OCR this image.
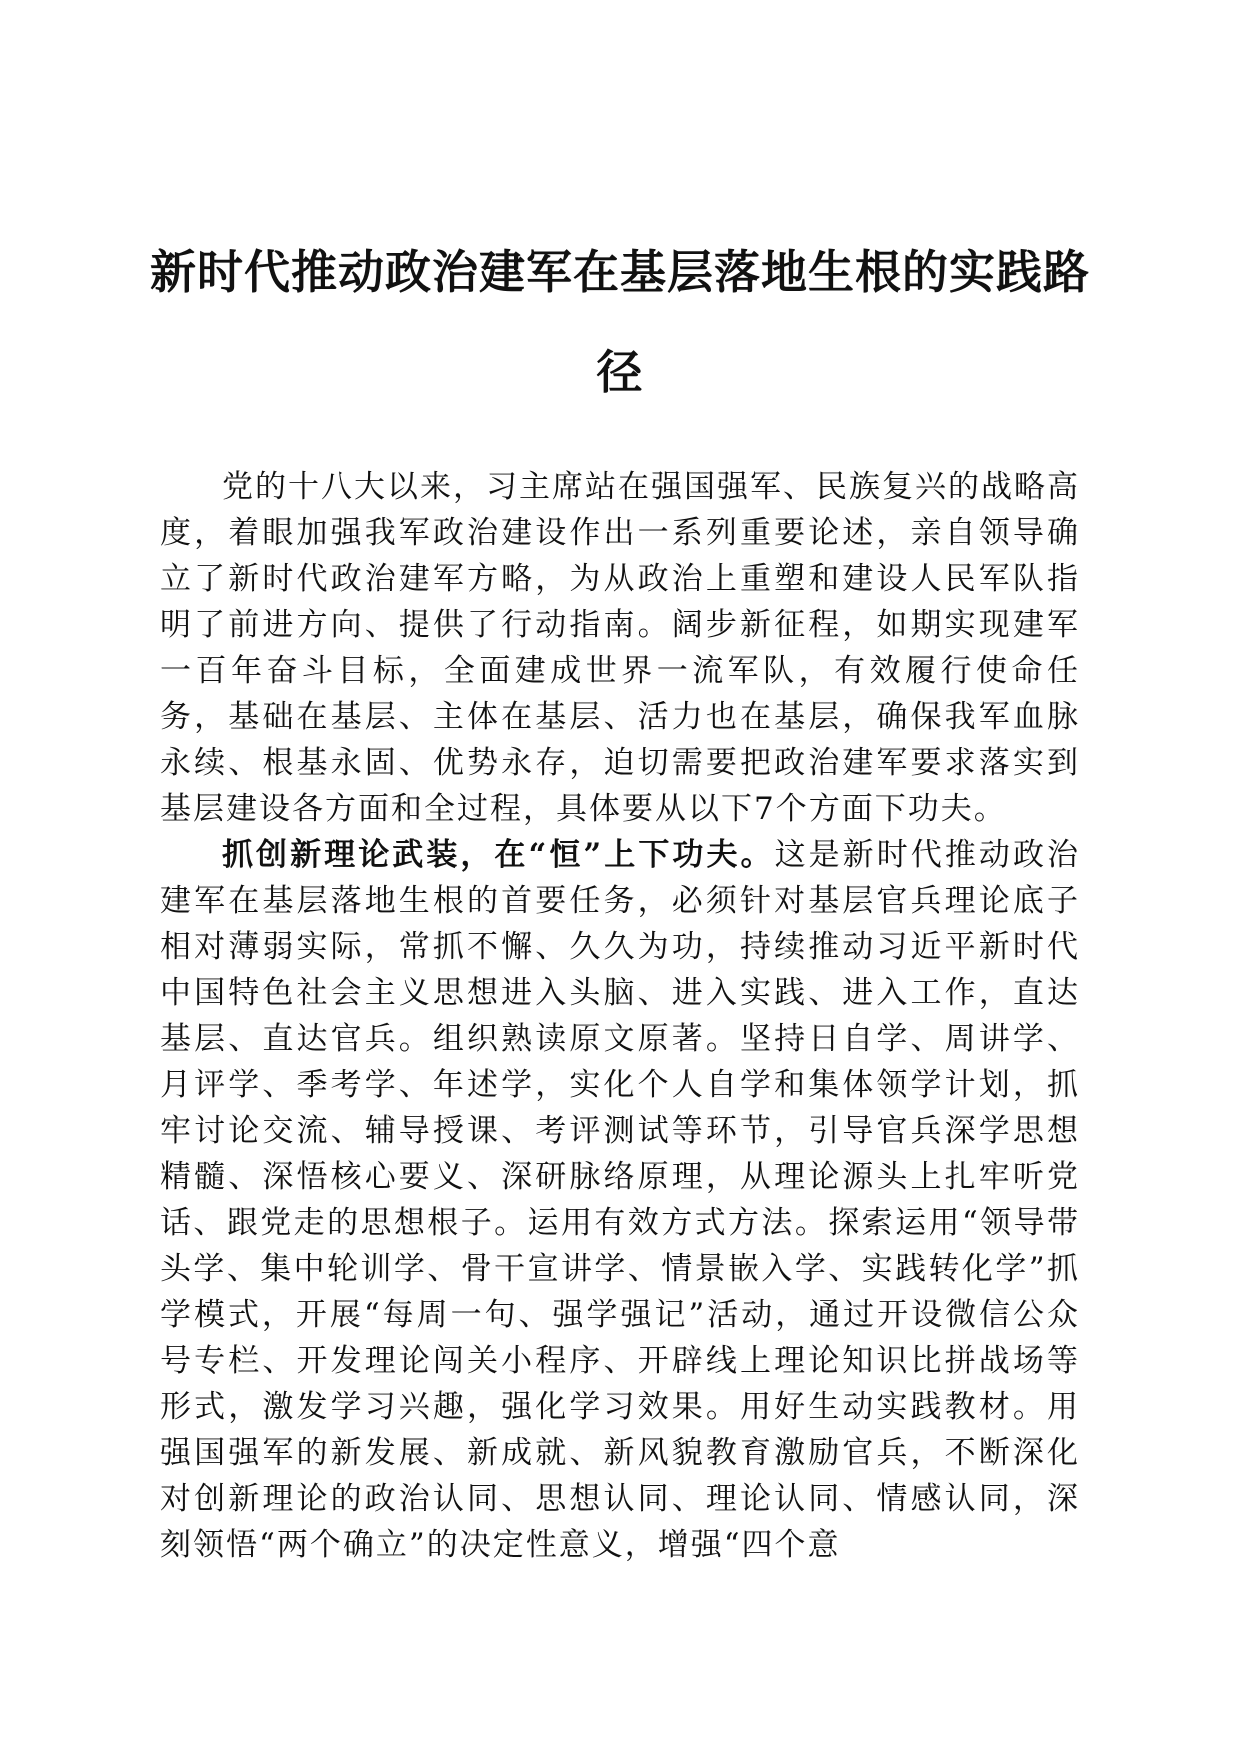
新时代推动政治建军在基层落地生根的实践路径

党的十八大以来，习主席站在强国强军、民族复兴的战略高度，着眼加强我军政治建设作出一系列重要论述，亲自领导确立了新时代政治建军方略，为从政治上重塑和建设人民军队指明了前进方向、提供了行动指南。阔步新征程，如期实现建军一百年奋斗目标，全面建成世界一流军队，有效履行使命任务，基础在基层、主体在基层、活力也在基层，确保我军血脉永续、根基永固、优势永存，迫切需要把政治建军要求落实到基层建设各方面和全过程，具体要从以下7个方面下功夫。

抓创新理论武装，在“恒”上下功夫。这是新时代推动政治建军在基层落地生根的首要任务，必须针对基层官兵理论底子相对薄弱实际，常抓不懈、久久为功，持续推动习近平新时代中国特色社会主义思想进入头脑、进入实践、进入工作，直达基层、直达官兵。组织熟读原文原著。坚持日自学、周讲学、月评学、季考学、年述学，实化个人自学和集体领学计划，抓牢讨论交流、辅导授课、考评测试等环节，引导官兵深学思想精髓、深悟核心要义、深研脉络原理，从理论源头上扎牢听党话、跟党走的思想根子。运用有效方式方法。探索运用“领导带头学、集中轮训学、骨干宣讲学、情景嵌入学、实践转化学”抓学模式，开展“每周一句、强学强记”活动，通过开设微信公众号专栏、开发理论闯关小程序、开辟线上理论知识比拼战场等形式，激发学习兴趣，强化学习效果。用好生动实践教材。用强国强军的新发展、新成就、新风貌教育激励官兵，不断深化对创新理论的政治认同、思想认同、理论认同、情感认同，深刻领悟“两个确立”的决定性意义，增强“四个意
